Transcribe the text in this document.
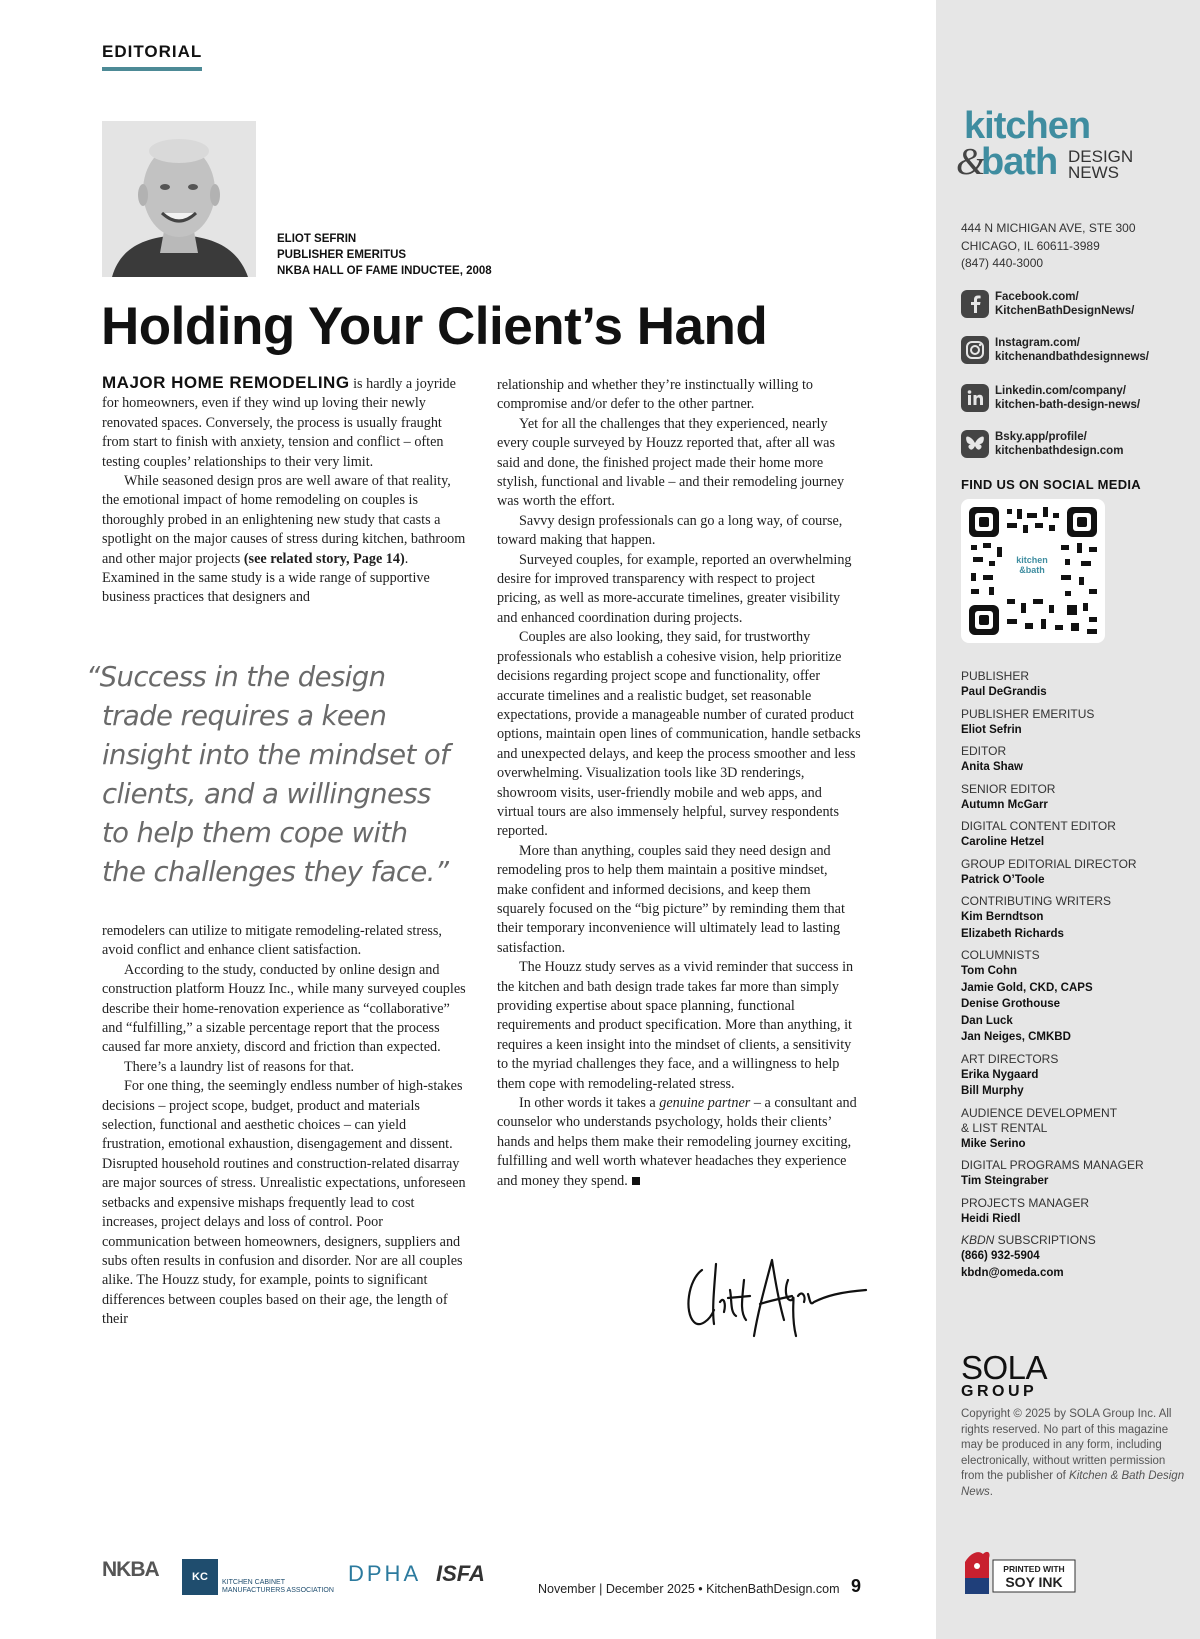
EDITORIAL
ELIOT SEFRIN
PUBLISHER EMERITUS
NKBA HALL OF FAME INDUCTEE, 2008
Holding Your Client’s Hand

MAJOR HOME REMODELING is hardly a joyride for homeowners, even if they wind up loving their newly renovated spaces. Conversely, the process is usually fraught from start to finish with anxiety, tension and conflict – often testing couples’ relationships to their very limit.

While seasoned design pros are well aware of that reality, the emotional impact of home remodeling on couples is thoroughly probed in an enlightening new study that casts a spotlight on the major causes of stress during kitchen, bathroom and other major projects (see related story, Page 14). Examined in the same study is a wide range of supportive business practices that designers and

“Success in the design
trade requires a keen
insight into the mindset of
clients, and a willingness
to help them cope with
the challenges they face.”

remodelers can utilize to mitigate remodeling-related stress, avoid conflict and enhance client satisfaction.

According to the study, conducted by online design and construction platform Houzz Inc., while many surveyed couples describe their home-renovation experience as “collaborative” and “fulfilling,” a sizable percentage report that the process caused far more anxiety, discord and friction than expected.

There’s a laundry list of reasons for that.

For one thing, the seemingly endless number of high-stakes decisions – project scope, budget, product and materials selection, functional and aesthetic choices – can yield frustration, emotional exhaustion, disengagement and dissent. Disrupted household routines and construction-related disarray are major sources of stress. Unrealistic expectations, unforeseen setbacks and expensive mishaps frequently lead to cost increases, project delays and loss of control. Poor communication between homeowners, designers, suppliers and subs often results in confusion and disorder. Nor are all couples alike. The Houzz study, for example, points to significant differences between couples based on their age, the length of their

relationship and whether they’re instinctually willing to compromise and/or defer to the other partner.

Yet for all the challenges that they experienced, nearly every couple surveyed by Houzz reported that, after all was said and done, the finished project made their home more stylish, functional and livable – and their remodeling journey was worth the effort.

Savvy design professionals can go a long way, of course, toward making that happen.

Surveyed couples, for example, reported an overwhelming desire for improved transparency with respect to project pricing, as well as more-accurate timelines, greater visibility and enhanced coordination during projects.

Couples are also looking, they said, for trustworthy professionals who establish a cohesive vision, help prioritize decisions regarding project scope and functionality, offer accurate timelines and a realistic budget, set reasonable expectations, provide a manageable number of curated product options, maintain open lines of communication, handle setbacks and unexpected delays, and keep the process smoother and less overwhelming. Visualization tools like 3D renderings, showroom visits, user-friendly mobile and web apps, and virtual tours are also immensely helpful, survey respondents reported.

More than anything, couples said they need design and remodeling pros to help them maintain a positive mindset, make confident and informed decisions, and keep them squarely focused on the “big picture” by reminding them that their temporary inconvenience will ultimately lead to lasting satisfaction.

The Houzz study serves as a vivid reminder that success in the kitchen and bath design trade takes far more than simply providing expertise about space planning, functional requirements and product specification. More than anything, it requires a keen insight into the mindset of clients, a sensitivity to the myriad challenges they face, and a willingness to help them cope with remodeling-related stress.

In other words it takes a genuine partner – a consultant and counselor who understands psychology, holds their clients’ hands and helps them make their remodeling journey exciting, fulfilling and well worth whatever headaches they experience and money they spend.

NKBA	KC MA
KITCHEN CABINET
MANUFACTURERS ASSOCIATION
DPHA ISFA
November | December 2025 • KitchenBathDesign.com 9
kitchen
&
bath DESIGN
NEWS
444 N MICHIGAN AVE, STE 300
CHICAGO, IL 60611-3989
(847) 440-3000
Facebook.com/
KitchenBathDesignNews/
Instagram.com/
kitchenandbathdesignnews/
Linkedin.com/company/
kitchen-bath-design-news/
Bsky.app/profile/
kitchenbathdesign.com
FIND US ON SOCIAL MEDIA
kitchen
&bath
PUBLISHER
Paul DeGrandis
PUBLISHER EMERITUS
Eliot Sefrin
EDITOR
Anita Shaw
SENIOR EDITOR
Autumn McGarr
DIGITAL CONTENT EDITOR
Caroline Hetzel
GROUP EDITORIAL DIRECTOR
Patrick O’Toole
CONTRIBUTING WRITERS
Kim Berndtson
Elizabeth Richards
COLUMNISTS
Tom Cohn
Jamie Gold, CKD, CAPS
Denise Grothouse
Dan Luck
Jan Neiges, CMKBD
ART DIRECTORS
Erika Nygaard
Bill Murphy
AUDIENCE DEVELOPMENT
& LIST RENTAL
Mike Serino
DIGITAL PROGRAMS MANAGER
Tim Steingraber
PROJECTS MANAGER
Heidi Riedl
KBDN SUBSCRIPTIONS
(866) 932-5904
kbdn@omeda.com
SOLA
GROUP
Copyright © 2025 by SOLA Group Inc. All rights reserved. No part of this magazine may be produced in any form, including electronically, without written permission from the publisher of Kitchen & Bath Design News.
PRINTED WITH
SOY INK
